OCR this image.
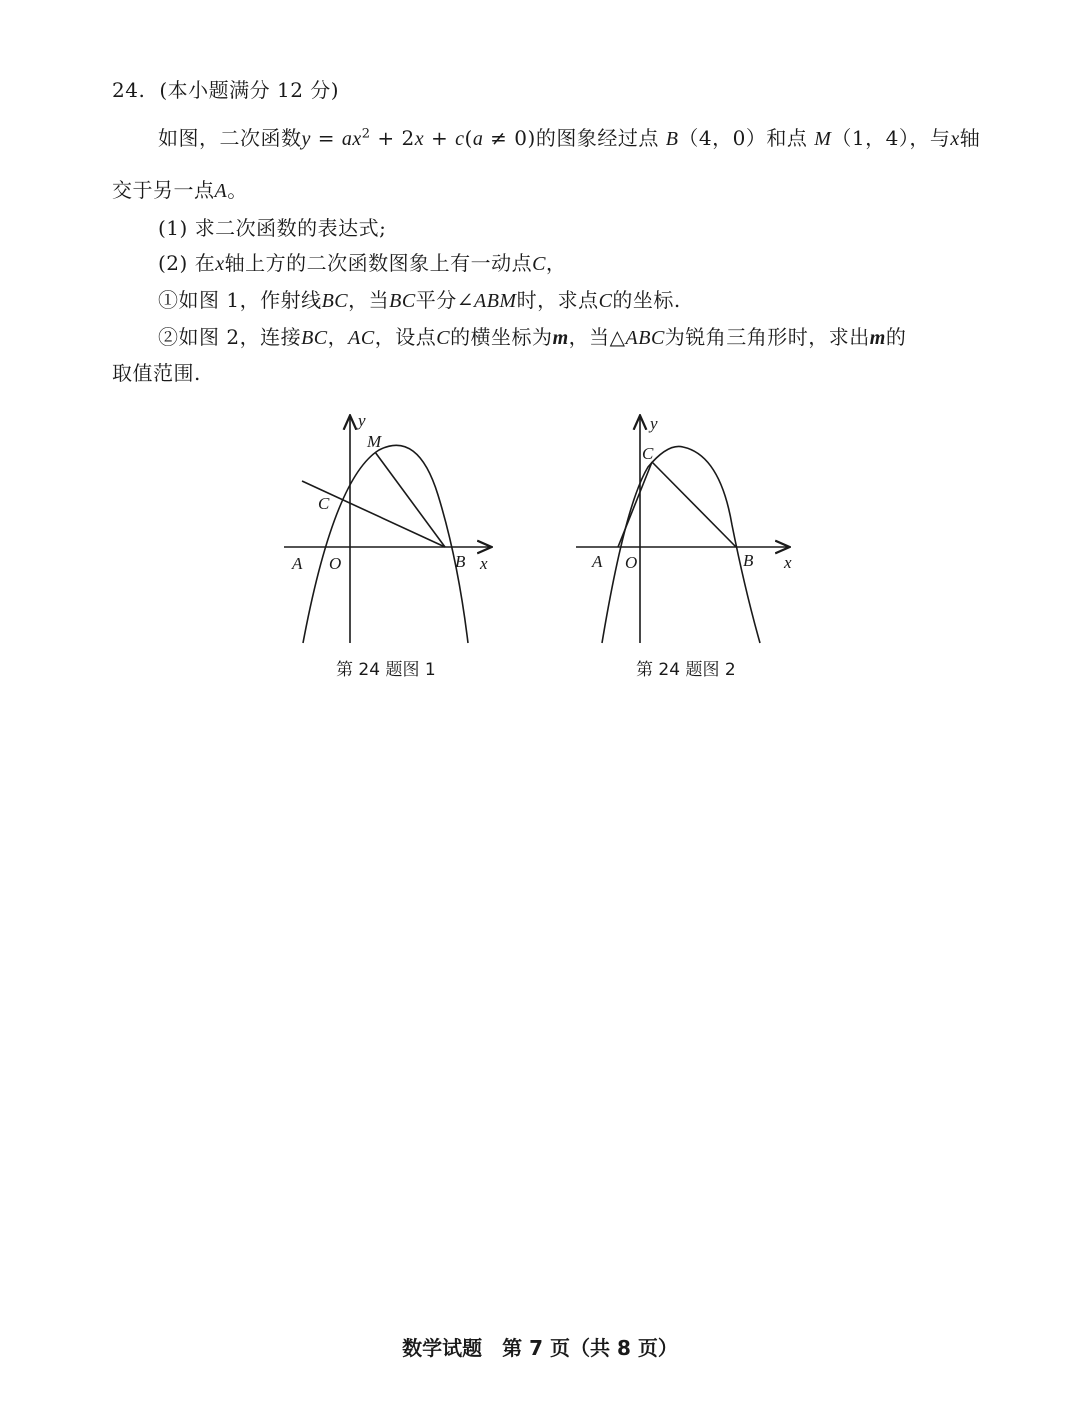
24. (本小题满分 12 分)
如图，二次函数$y = ax^2 + 2x + c(a \ne 0)$的图象经过点 B（4，0）和点 M（1，4），与x轴
交于另一点A。
(1) 求二次函数的表达式;
(2) 在x轴上方的二次函数图象上有一动点C，
①如图 1，作射线BC，当BC平分∠ABM时，求点C的坐标.
②如图 2，连接BC，AC，设点C的横坐标为m，当△ABC为锐角三角形时，求出m的
取值范围.
y
M
C
A O	B x
第 24 题图 1
y
C
A O	B x
第 24 题图 2
数学试题　第 7 页（共 8 页）
